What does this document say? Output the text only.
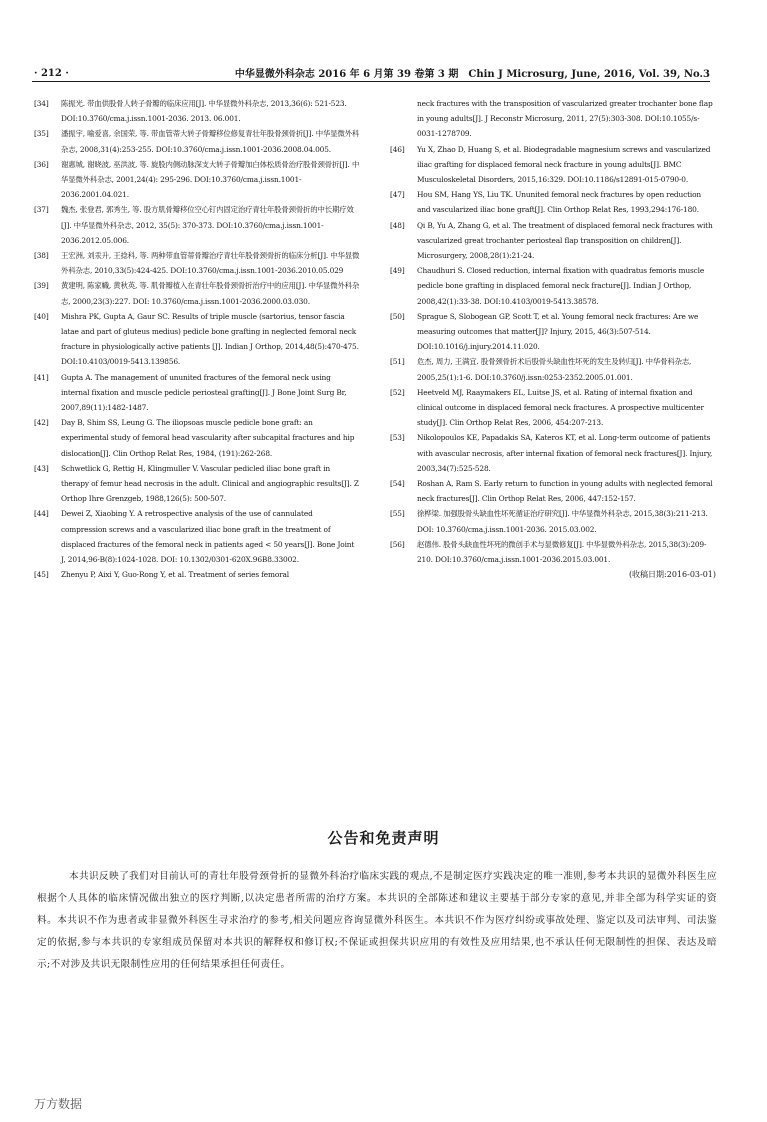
· 212 ·	中华显微外科杂志 2016 年 6 月第 39 卷第 3 期　Chin J Microsurg, June, 2016, Vol. 39, No.3
[34]	陈振光. 带血供股骨人转子骨瓣的临床应用[J]. 中华显微外科杂志, 2013,36(6): 521-523. DOI:10.3760/cma.j.issn.1001-2036. 2013. 06.001.

[35]	潘振宇, 喻爱喜, 余国荣, 等. 带血管蒂大转子骨瓣移位修复青壮年股骨颈骨折[J]. 中华显微外科杂志, 2008,31(4):253-255. DOI:10.3760/cma.j.issn.1001-2036.2008.04.005.

[36]	谢惠城, 谢晓波, 巫洪波, 等. 旋股内侧动脉深支大转子骨瓣加白体松质骨治疗股骨颈骨折[J]. 中华显微外科杂志, 2001,24(4): 295-296. DOI:10.3760/cma.j.issn.1001-2036.2001.04.021.

[37]	魏杰, 张登君, 郭秀生, 等. 股方肌骨瓣移位空心钉内固定治疗青壮年股骨颈骨折的中长期疗效[J]. 中华显微外科杂志, 2012, 35(5): 370-373. DOI:10.3760/cma.j.issn.1001-2036.2012.05.006.

[38]	王宏洲, 刘汞升, 王捻科, 等. 两种带血管蒂骨瓣治疗青壮年股骨颈骨折的临床分析[J]. 中华显微外科杂志, 2010,33(5):424-425. DOI:10.3760/cma.j.issn.1001-2036.2010.05.029

[39]	黄建明, 陈家幟, 黄秋英, 等. 肌骨瓣植入在青壮年股骨颈骨折治疗中的应用[J]. 中华显微外科杂志, 2000,23(3):227. DOI: 10.3760/cma.j.issn.1001-2036.2000.03.030.

[40]	Mishra PK, Gupta A, Gaur SC. Results of triple muscle (sartorius, tensor fascia latae and part of gluteus medius) pedicle bone grafting in neglected femoral neck fracture in physiologically active patients [J]. Indian J Orthop, 2014,48(5):470-475. DOI:10.4103/0019-5413.139856.

[41]	Gupta A. The management of ununited fractures of the femoral neck using internal fixation and muscle pedicle periosteal grafting[J]. J Bone Joint Surg Br, 2007,89(11):1482-1487.

[42]	Day B, Shim SS, Leung G. The iliopsoas muscle pedicle bone graft: an experimental study of femoral head vascularity after subcapital fractures and hip dislocation[J]. Clin Orthop Relat Res, 1984, (191):262-268.

[43]	Schwetlick G, Rettig H, Klingmuller V. Vascular pedicled iliac bone graft in therapy of femur head necrosis in the adult. Clinical and angiographic results[J]. Z Orthop Ihre Grenzgeb, 1988,126(5): 500-507.

[44]	Dewei Z, Xiaobing Y. A retrospective analysis of the use of cannulated compression screws and a vascularized iliac bone graft in the treatment of displaced fractures of the femoral neck in patients aged < 50 years[J]. Bone Joint J, 2014,96-B(8):1024-1028. DOI: 10.1302/0301-620X.96B8.33002.

[45]	Zhenyu P, Aixi Y, Guo-Rong Y, et al. Treatment of series femoral

neck fractures with the transposition of vascularized greater trochanter bone flap in young adults[J]. J Reconstr Microsurg, 2011, 27(5):303-308. DOI:10.1055/s-0031-1278709.

[46]	Yu X, Zhao D, Huang S, et al. Biodegradable magnesium screws and vascularized iliac grafting for displaced femoral neck fracture in young adults[J]. BMC Musculoskeletal Disorders, 2015,16:329. DOI:10.1186/s12891-015-0790-0.

[47]	Hou SM, Hang YS, Liu TK. Ununited femoral neck fractures by open reduction and vascularized iliac bone graft[J]. Clin Orthop Relat Res, 1993,294:176-180.

[48]	Qi B, Yu A, Zhang G, et al. The treatment of displaced femoral neck fractures with vascularized great trochanter periosteal flap transposition on children[J]. Microsurgery, 2008,28(1):21-24.

[49]	Chaudhuri S. Closed reduction, internal fixation with quadratus femoris muscle pedicle bone grafting in displaced femoral neck fracture[J]. Indian J Orthop, 2008,42(1):33-38. DOI:10.4103/0019-5413.38578.

[50]	Sprague S, Slobogean GP, Scott T, et al. Young femoral neck fractures: Are we measuring outcomes that matter[J]? Injury, 2015, 46(3):507-514. DOI:10.1016/j.injury.2014.11.020.

[51]	危杰, 周力, 王满宜. 股骨颈骨折术后股骨头缺血性坏死的发生及转归[J]. 中华骨科杂志, 2005,25(1):1-6. DOI:10.3760/j.issn:0253-2352.2005.01.001.

[52]	Heetveld MJ, Raaymakers EL, Luitse JS, et al. Rating of internal fixation and clinical outcome in displaced femoral neck fractures. A prospective multicenter study[J]. Clin Orthop Relat Res, 2006, 454:207-213.

[53]	Nikolopoulos KE, Papadakis SA, Kateros KT, et al. Long-term outcome of patients with avascular necrosis, after internal fixation of femoral neck fractures[J]. Injury, 2003,34(7):525-528.

[54]	Roshan A, Ram S. Early return to function in young adults with neglected femoral neck fractures[J]. Clin Orthop Relat Res, 2006, 447:152-157.

[55]	徐桦梁. 加强股骨头缺血性坏死循证治疗研究[J]. 中华显微外科杂志, 2015,38(3):211-213. DOI: 10.3760/cma.j.issn.1001-2036. 2015.03.002.

[56]	赵德伟. 股骨头缺血性坏死的微创手术与显微修复[J]. 中华显微外科杂志, 2015,38(3):209-210. DOI:10.3760/cma.j.issn.1001-2036.2015.03.001.

(收稿日期:2016-03-01)
公告和免责声明

本共识反映了我们对目前认可的青壮年股骨颈骨折的显微外科治疗临床实践的观点,不是制定医疗实践决定的唯一准则,参考本共识的显微外科医生应根据个人具体的临床情况做出独立的医疗判断,以决定患者所需的治疗方案。本共识的全部陈述和建议主要基于部分专家的意见,并非全部为科学实证的资料。本共识不作为患者或非显微外科医生寻求治疗的参考,相关问题应咨询显微外科医生。本共识不作为医疗纠纷或事故处理、鉴定以及司法审判、司法鉴定的依据,参与本共识的专家组成员保留对本共识的解释权和修订权;不保证或担保共识应用的有效性及应用结果,也不承认任何无限制性的担保、表达及暗示;不对涉及共识无限制性应用的任何结果承担任何责任。

万方数据
